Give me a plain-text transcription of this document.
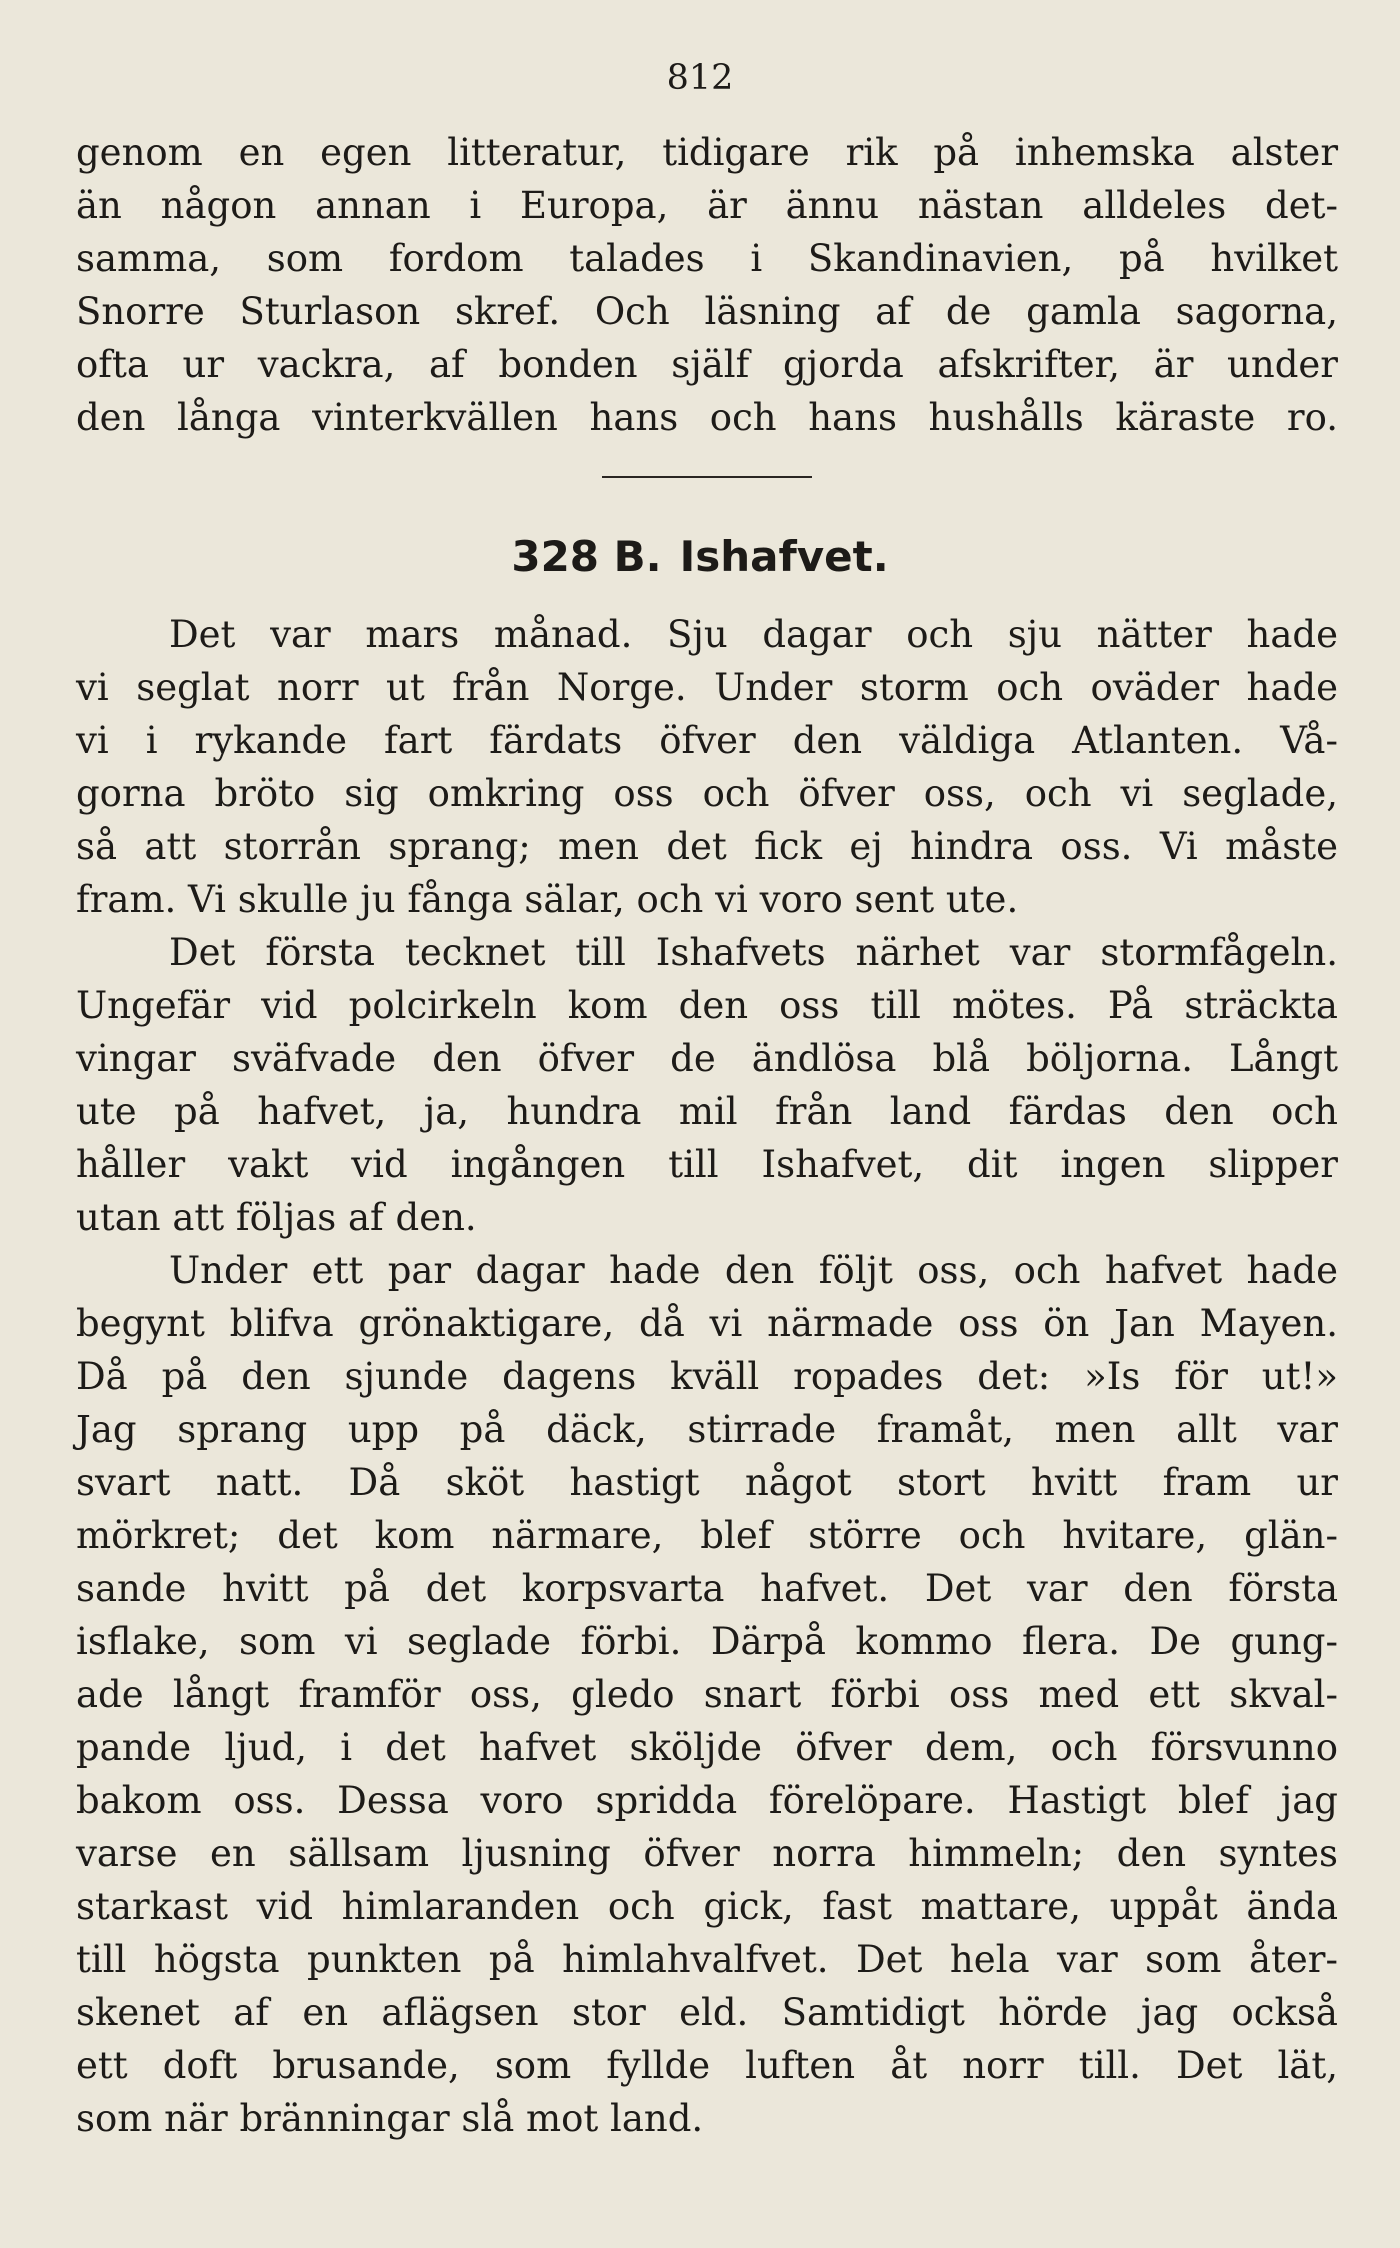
812
genom en egen litteratur, tidigare rik på inhemska alster
än någon annan i Europa, är ännu nästan alldeles det-
samma, som fordom talades i Skandinavien, på hvilket
Snorre Sturlason skref. Och läsning af de gamla sagorna,
ofta ur vackra, af bonden själf gjorda afskrifter, är under
den långa vinterkvällen hans och hans hushålls käraste ro.
328 B. Ishafvet.
Det var mars månad. Sju dagar och sju nätter hade
vi seglat norr ut från Norge. Under storm och oväder hade
vi i rykande fart färdats öfver den väldiga Atlanten. Vå-
gorna bröto sig omkring oss och öfver oss, och vi seglade,
så att storrån sprang; men det fick ej hindra oss. Vi måste
fram. Vi skulle ju fånga sälar, och vi voro sent ute.
Det första tecknet till Ishafvets närhet var stormfågeln.
Ungefär vid polcirkeln kom den oss till mötes. På sträckta
vingar sväfvade den öfver de ändlösa blå böljorna. Långt
ute på hafvet, ja, hundra mil från land färdas den och
håller vakt vid ingången till Ishafvet, dit ingen slipper
utan att följas af den.
Under ett par dagar hade den följt oss, och hafvet hade
begynt blifva grönaktigare, då vi närmade oss ön Jan Mayen.
Då på den sjunde dagens kväll ropades det: »Is för ut!»
Jag sprang upp på däck, stirrade framåt, men allt var
svart natt. Då sköt hastigt något stort hvitt fram ur
mörkret; det kom närmare, blef större och hvitare, glän-
sande hvitt på det korpsvarta hafvet. Det var den första
isflake, som vi seglade förbi. Därpå kommo flera. De gung-
ade långt framför oss, gledo snart förbi oss med ett skval-
pande ljud, i det hafvet sköljde öfver dem, och försvunno
bakom oss. Dessa voro spridda förelöpare. Hastigt blef jag
varse en sällsam ljusning öfver norra himmeln; den syntes
starkast vid himlaranden och gick, fast mattare, uppåt ända
till högsta punkten på himlahvalfvet. Det hela var som åter-
skenet af en aflägsen stor eld. Samtidigt hörde jag också
ett doft brusande, som fyllde luften åt norr till. Det lät,
som när bränningar slå mot land.
